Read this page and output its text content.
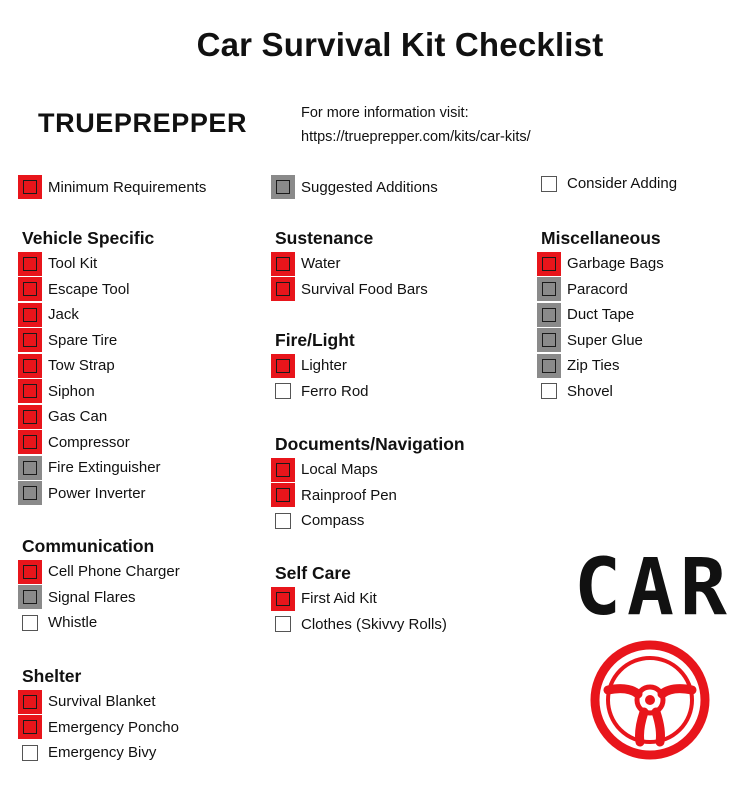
Car Survival Kit Checklist
TRUEPREPPER	For more information visit:
https://trueprepper.com/kits/car-kits/
Minimum Requirements	Suggested Additions	Consider Adding
Vehicle Specific
Tool Kit
Escape Tool
Jack
Spare Tire
Tow Strap
Siphon
Gas Can
Compressor
Fire Extinguisher
Power Inverter
Communication
Cell Phone Charger
Signal Flares
Whistle
Shelter
Survival Blanket
Emergency Poncho
Emergency Bivy
Sustenance
Water
Survival Food Bars
Fire/Light
Lighter
Ferro Rod
Documents/Navigation
Local Maps
Rainproof Pen
Compass
Self Care
First Aid Kit
Clothes (Skivvy Rolls)
Miscellaneous
Garbage Bags
Paracord
Duct Tape
Super Glue
Zip Ties
Shovel
CAR
